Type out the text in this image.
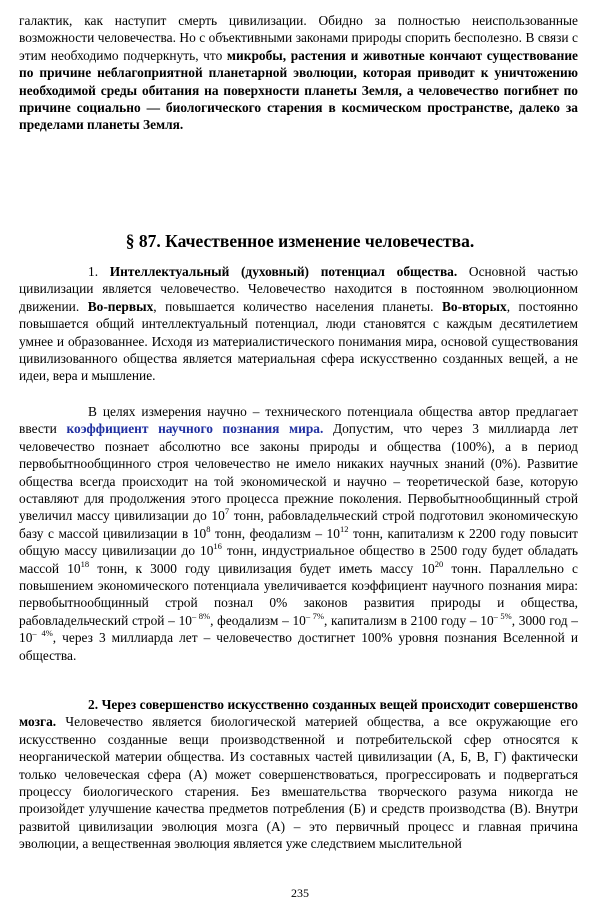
галактик, как наступит смерть цивилизации. Обидно за полностью неиспользованные возможности человечества. Но с объективными законами природы спорить бесполезно. В связи с этим необходимо подчеркнуть, что микробы, растения и животные кончают существование по причине неблагоприятной планетарной эволюции, которая приводит к уничтожению необходимой среды обитания на поверхности планеты Земля, а человечество погибнет по причине социально — биологического старения в космическом пространстве, далеко за пределами планеты Земля.

§ 87. Качественное изменение человечества.

1. Интеллектуальный (духовный) потенциал общества. Основной частью цивилизации является человечество. Человечество находится в постоянном эволюционном движении. Во-первых, повышается количество населения планеты. Во-вторых, постоянно повышается общий интеллектуальный потенциал, люди становятся с каждым десятилетием умнее и образованнее. Исходя из материалистического понимания мира, основой существования цивилизованного общества является материальная сфера искусственно созданных вещей, а не идеи, вера и мышление.

В целях измерения научно – технического потенциала общества автор предлагает ввести коэффициент научного познания мира. Допустим, что через 3 миллиарда лет человечество познает абсолютно все законы природы и общества (100%), а в период первобытнообщинного строя человечество не имело никаких научных знаний (0%). Развитие общества всегда происходит на той экономической и научно – теоретической базе, которую оставляют для продолжения этого процесса прежние поколения. Первобытнообщинный строй увеличил массу цивилизации до $10^7$ тонн, рабовладельческий строй подготовил экономическую базу с массой цивилизации в $10^8$ тонн, феодализм – $10^{12}$ тонн, капитализм к 2200 году повысит общую массу цивилизации до $10^{16}$ тонн, индустриальное общество в 2500 году будет обладать массой $10^{18}$ тонн, к 3000 году цивилизация будет иметь массу $10^{20}$ тонн. Параллельно с повышением экономического потенциала увеличивается коэффициент научного познания мира: первобытнообщинный строй познал 0% законов развития природы и общества, рабовладельческий строй – $10^{- 8\%}$, феодализм – $10^{- 7\%}$, капитализм в 2100 году – $10^{- 5\%}$, 3000 год – $10^{- 4\%}$, через 3 миллиарда лет – человечество достигнет 100% уровня познания Вселенной и общества.

2. Через совершенство искусственно созданных вещей происходит совершенство мозга. Человечество является биологической материей общества, а все окружающие его искусственно созданные вещи производственной и потребительской сфер относятся к неорганической материи общества. Из составных частей цивилизации (А, Б, В, Г) фактически только человеческая сфера (А) может совершенствоваться, прогрессировать и подвергаться процессу биологического старения. Без вмешательства творческого разума никогда не произойдет улучшение качества предметов потребления (Б) и средств производства (В). Внутри развитой цивилизации эволюция мозга (А) – это первичный процесс и главная причина эволюции, а вещественная эволюция является уже следствием мыслительной

235
